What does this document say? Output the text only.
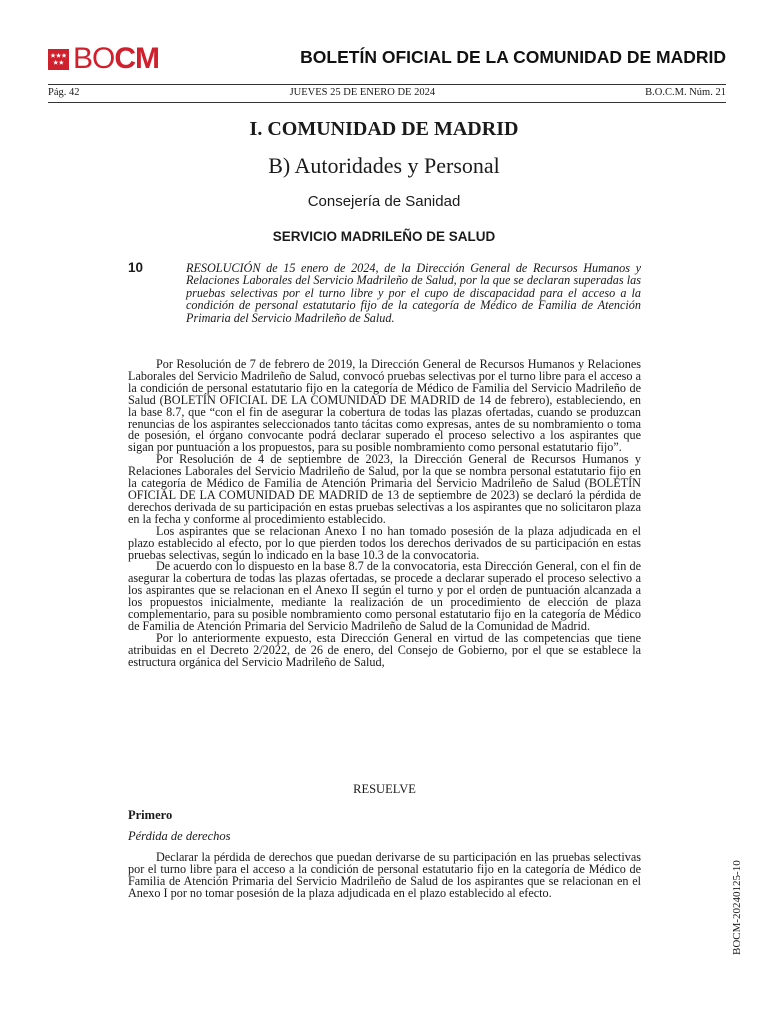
BOCM	BOLETÍN OFICIAL DE LA COMUNIDAD DE MADRID
Pág. 42	JUEVES 25 DE ENERO DE 2024	B.O.C.M. Núm. 21
I. COMUNIDAD DE MADRID
B) Autoridades y Personal
Consejería de Sanidad
SERVICIO MADRILEÑO DE SALUD
10	RESOLUCIÓN de 15 enero de 2024, de la Dirección General de Recursos Humanos y Relaciones Laborales del Servicio Madrileño de Salud, por la que se declaran superadas las pruebas selectivas por el turno libre y por el cupo de discapacidad para el acceso a la condición de personal estatutario fijo de la categoría de Médico de Familia de Atención Primaria del Servicio Madrileño de Salud.

Por Resolución de 7 de febrero de 2019, la Dirección General de Recursos Humanos y Relaciones Laborales del Servicio Madrileño de Salud, convocó pruebas selectivas por el turno libre para el acceso a la condición de personal estatutario fijo en la categoría de Médico de Familia del Servicio Madrileño de Salud (BOLETÍN OFICIAL DE LA COMUNIDAD DE MADRID de 14 de febrero), estableciendo, en la base 8.7, que “con el fin de asegurar la cobertura de todas las plazas ofertadas, cuando se produzcan renuncias de los aspirantes seleccionados tanto tácitas como expresas, antes de su nombramiento o toma de posesión, el órgano convocante podrá declarar superado el proceso selectivo a los aspirantes que sigan por puntuación a los propuestos, para su posible nombramiento como personal estatutario fijo”.

Por Resolución de 4 de septiembre de 2023, la Dirección General de Recursos Humanos y Relaciones Laborales del Servicio Madrileño de Salud, por la que se nombra personal estatutario fijo en la categoría de Médico de Familia de Atención Primaria del Servicio Madrileño de Salud (BOLETÍN OFICIAL DE LA COMUNIDAD DE MADRID de 13 de septiembre de 2023) se declaró la pérdida de derechos derivada de su participación en estas pruebas selectivas a los aspirantes que no solicitaron plaza en la fecha y conforme al procedimiento establecido.

Los aspirantes que se relacionan Anexo I no han tomado posesión de la plaza adjudicada en el plazo establecido al efecto, por lo que pierden todos los derechos derivados de su participación en estas pruebas selectivas, según lo indicado en la base 10.3 de la convocatoria.

De acuerdo con lo dispuesto en la base 8.7 de la convocatoria, esta Dirección General, con el fin de asegurar la cobertura de todas las plazas ofertadas, se procede a declarar superado el proceso selectivo a los aspirantes que se relacionan en el Anexo II según el turno y por el orden de puntuación alcanzada a los propuestos inicialmente, mediante la realización de un procedimiento de elección de plaza complementario, para su posible nombramiento como personal estatutario fijo en la categoría de Médico de Familia de Atención Primaria del Servicio Madrileño de Salud de la Comunidad de Madrid.

Por lo anteriormente expuesto, esta Dirección General en virtud de las competencias que tiene atribuidas en el Decreto 2/2022, de 26 de enero, del Consejo de Gobierno, por el que se establece la estructura orgánica del Servicio Madrileño de Salud,

RESUELVE
Primero
Pérdida de derechos

Declarar la pérdida de derechos que puedan derivarse de su participación en las pruebas selectivas por el turno libre para el acceso a la condición de personal estatutario fijo en la categoría de Médico de Familia de Atención Primaria del Servicio Madrileño de Salud de los aspirantes que se relacionan en el Anexo I por no tomar posesión de la plaza adjudicada en el plazo establecido al efecto.	BOCM-20240125-10
